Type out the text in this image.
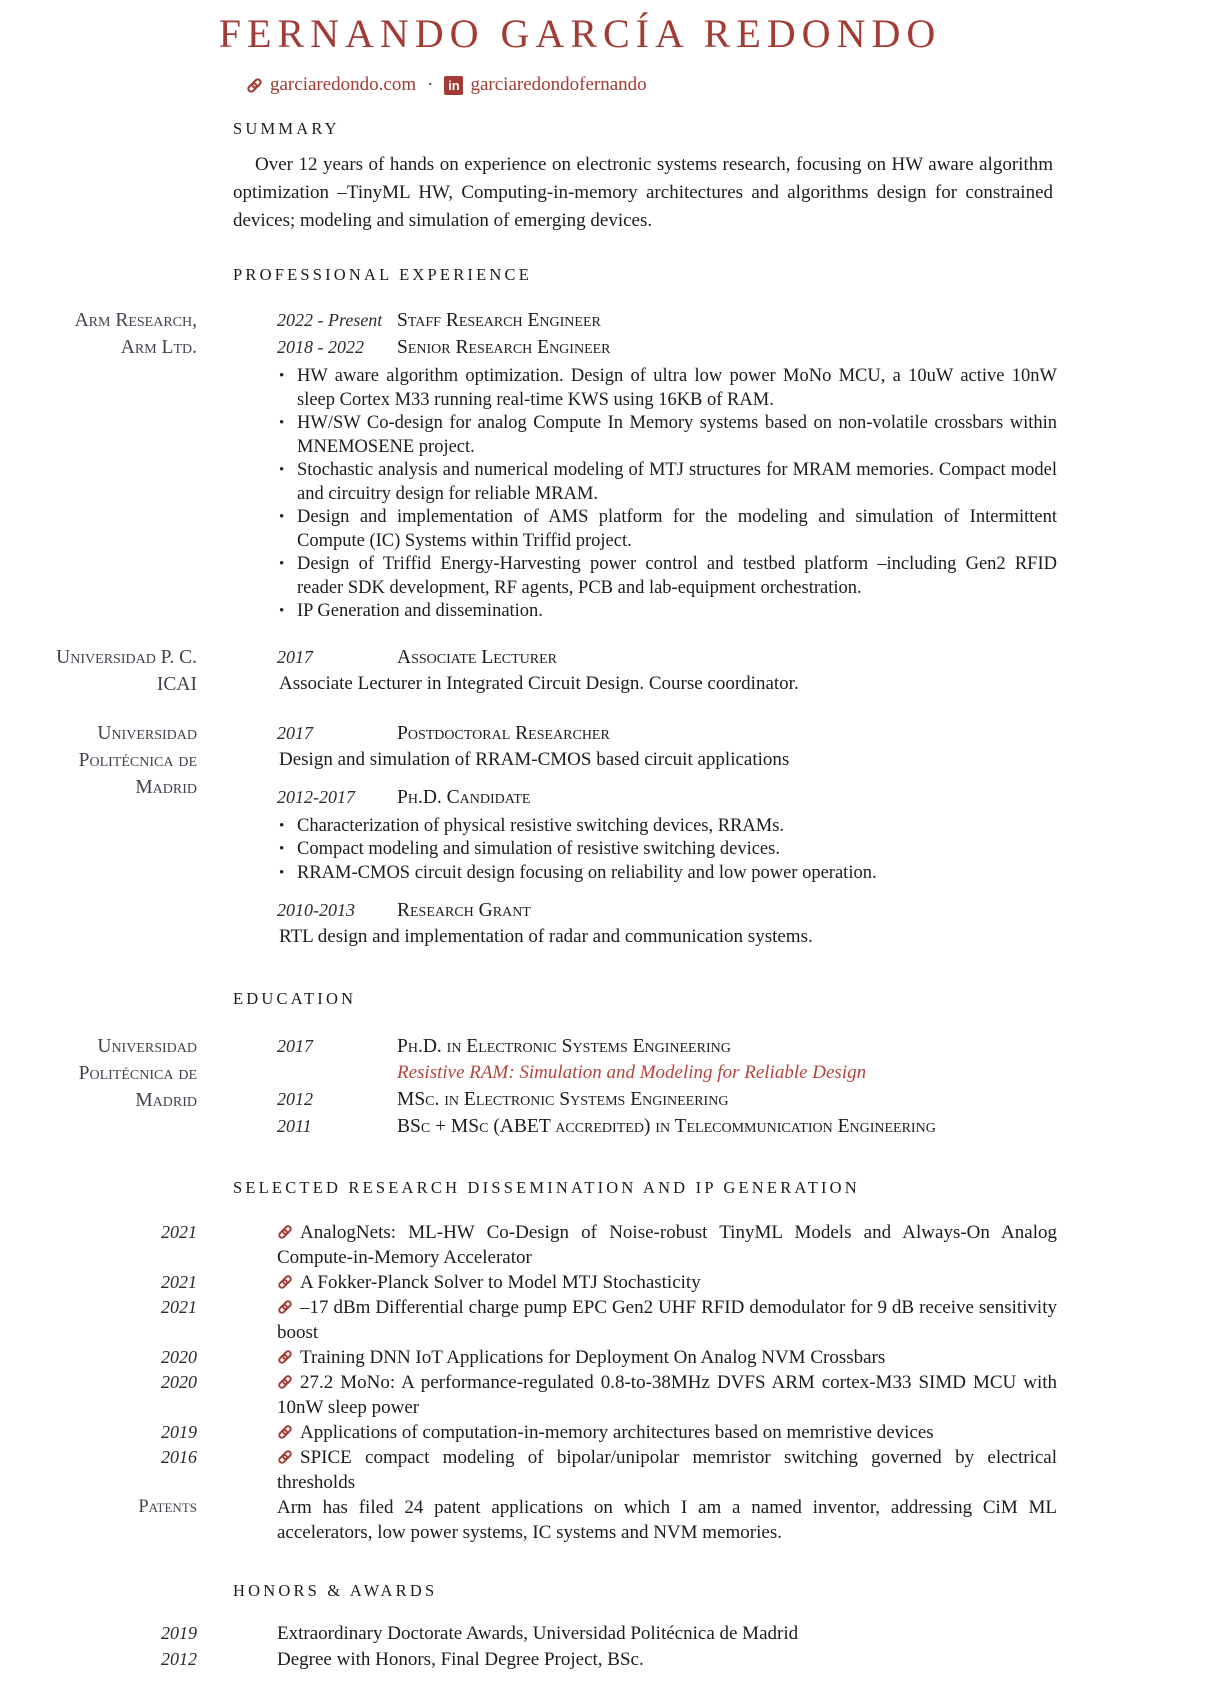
FERNANDO GARCÍA REDONDO
garciaredondo.com · in garciaredondofernando
SUMMARY

Over 12 years of hands on experience on electronic systems research, focusing on HW aware algorithm optimization –TinyML HW, Computing-in-memory architectures and algorithms design for constrained devices; modeling and simulation of emerging devices.

PROFESSIONAL EXPERIENCE
Arm Research,
Arm Ltd.
2022 - Present Staff Research Engineer
2018 - 2022	Senior Research Engineer
• HW aware algorithm optimization. Design of ultra low power MoNo MCU, a 10uW active 10nW sleep Cortex M33 running real-time KWS using 16KB of RAM.
• HW/SW Co-design for analog Compute In Memory systems based on non-volatile crossbars within MNEMOSENE project.
• Stochastic analysis and numerical modeling of MTJ structures for MRAM memories. Compact model and circuitry design for reliable MRAM.
• Design and implementation of AMS platform for the modeling and simulation of Intermittent Compute (IC) Systems within Triffid project.
• Design of Triffid Energy-Harvesting power control and testbed platform –including Gen2 RFID reader SDK development, RF agents, PCB and lab-equipment orchestration.
• IP Generation and dissemination.
Universidad P. C.
ICAI
2017	Associate Lecturer
Associate Lecturer in Integrated Circuit Design. Course coordinator.
Universidad
Politécnica de
Madrid
2017	Postdoctoral Researcher
Design and simulation of RRAM-CMOS based circuit applications
2012-2017	Ph.D. Candidate
• Characterization of physical resistive switching devices, RRAMs.
• Compact modeling and simulation of resistive switching devices.
• RRAM-CMOS circuit design focusing on reliability and low power operation.
2010-2013	Research Grant
RTL design and implementation of radar and communication systems.
EDUCATION
Universidad
Politécnica de
Madrid
2017	Ph.D. in Electronic Systems Engineering
Resistive RAM: Simulation and Modeling for Reliable Design
2012	MSc. in Electronic Systems Engineering
2011	BSc + MSc (ABET accredited) in Telecommunication Engineering
SELECTED RESEARCH DISSEMINATION AND IP GENERATION
2021	AnalogNets: ML-HW Co-Design of Noise-robust TinyML Models and Always-On Analog Compute-in-Memory Accelerator
2021	A Fokker-Planck Solver to Model MTJ Stochasticity
2021	–17 dBm Differential charge pump EPC Gen2 UHF RFID demodulator for 9 dB receive sensitivity boost
2020	Training DNN IoT Applications for Deployment On Analog NVM Crossbars
2020	27.2 MoNo: A performance-regulated 0.8-to-38MHz DVFS ARM cortex-M33 SIMD MCU with 10nW sleep power
2019	Applications of computation-in-memory architectures based on memristive devices
2016	SPICE compact modeling of bipolar/unipolar memristor switching governed by electrical thresholds
Patents	Arm has filed 24 patent applications on which I am a named inventor, addressing CiM ML accelerators, low power systems, IC systems and NVM memories.
HONORS & AWARDS
2019	Extraordinary Doctorate Awards, Universidad Politécnica de Madrid
2012	Degree with Honors, Final Degree Project, BSc.
